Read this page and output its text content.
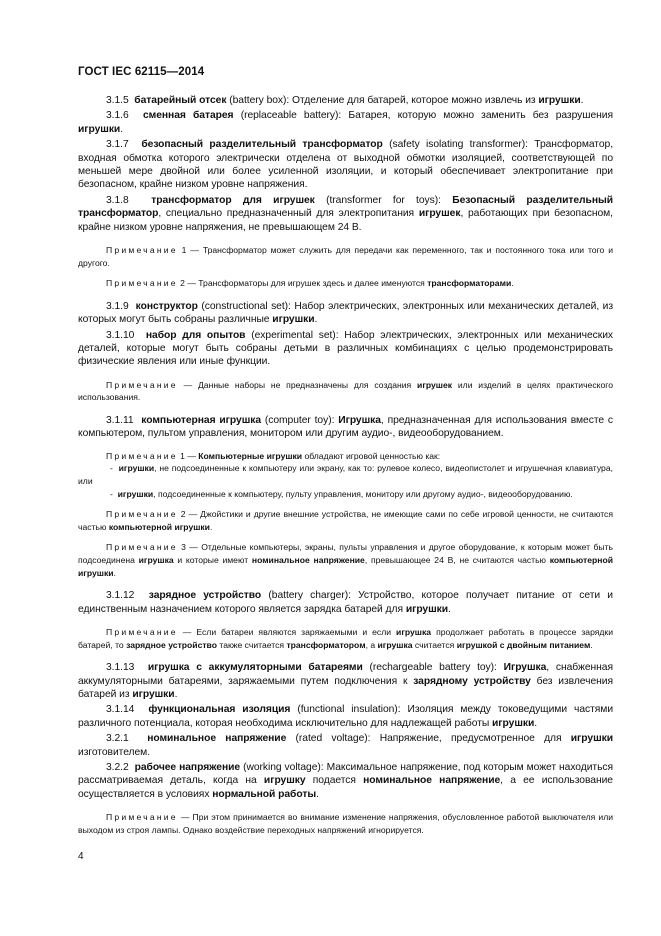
ГОСТ IEC 62115—2014

3.1.5 батарейный отсек (battery box): Отделение для батарей, которое можно извлечь из игрушки.

3.1.6 сменная батарея (replaceable battery): Батарея, которую можно заменить без разрушения игрушки.

3.1.7 безопасный разделительный трансформатор (safety isolating transformer): Трансформатор, входная обмотка которого электрически отделена от выходной обмотки изоляцией, соответствующей по меньшей мере двойной или более усиленной изоляции, и который обеспечивает электропитание при безопасном, крайне низком уровне напряжения.

3.1.8 трансформатор для игрушек (transformer for toys): Безопасный разделительный трансформатор, специально предназначенный для электропитания игрушек, работающих при безопасном, крайне низком уровне напряжения, не превышающем 24 В.

Примечание 1 — Трансформатор может служить для передачи как переменного, так и постоянного тока или того и другого.

Примечание 2 — Трансформаторы для игрушек здесь и далее именуются трансформаторами.

3.1.9 конструктор (constructional set): Набор электрических, электронных или механических деталей, из которых могут быть собраны различные игрушки.

3.1.10 набор для опытов (experimental set): Набор электрических, электронных или механических деталей, которые могут быть собраны детьми в различных комбинациях с целью продемонстрировать физические явления или иные функции.

Примечание — Данные наборы не предназначены для создания игрушек или изделий в целях практического использования.

3.1.11 компьютерная игрушка (computer toy): Игрушка, предназначенная для использования вместе с компьютером, пультом управления, монитором или другим аудио-, видеооборудованием.

Примечание 1 — Компьютерные игрушки обладают игровой ценностью как:

-  игрушки, не подсоединенные к компьютеру или экрану, как то: рулевое колесо, видеопистолет и игрушечная клавиатура, или

-  игрушки, подсоединенные к компьютеру, пульту управления, монитору или другому аудио-, видеооборудованию.

Примечание 2 — Джойстики и другие внешние устройства, не имеющие сами по себе игровой ценности, не считаются частью компьютерной игрушки.

Примечание 3 — Отдельные компьютеры, экраны, пульты управления и другое оборудование, к которым может быть подсоединена игрушка и которые имеют номинальное напряжение, превышающее 24 В, не считаются частью компьютерной игрушки.

3.1.12 зарядное устройство (battery charger): Устройство, которое получает питание от сети и единственным назначением которого является зарядка батарей для игрушки.

Примечание — Если батареи являются заряжаемыми и если игрушка продолжает работать в процессе зарядки батарей, то зарядное устройство также считается трансформатором, а игрушка считается игрушкой с двойным питанием.

3.1.13 игрушка с аккумуляторными батареями (rechargeable battery toy): Игрушка, снабженная аккумуляторными батареями, заряжаемыми путем подключения к зарядному устройству без извлечения батарей из игрушки.

3.1.14 функциональная изоляция (functional insulation): Изоляция между токоведущими частями различного потенциала, которая необходима исключительно для надлежащей работы игрушки.

3.2.1 номинальное напряжение (rated voltage): Напряжение, предусмотренное для игрушки изготовителем.

3.2.2 рабочее напряжение (working voltage): Максимальное напряжение, под которым может находиться рассматриваемая деталь, когда на игрушку подается номинальное напряжение, а ее использование осуществляется в условиях нормальной работы.

Примечание — При этом принимается во внимание изменение напряжения, обусловленное работой выключателя или выходом из строя лампы. Однако воздействие переходных напряжений игнорируется.

4
